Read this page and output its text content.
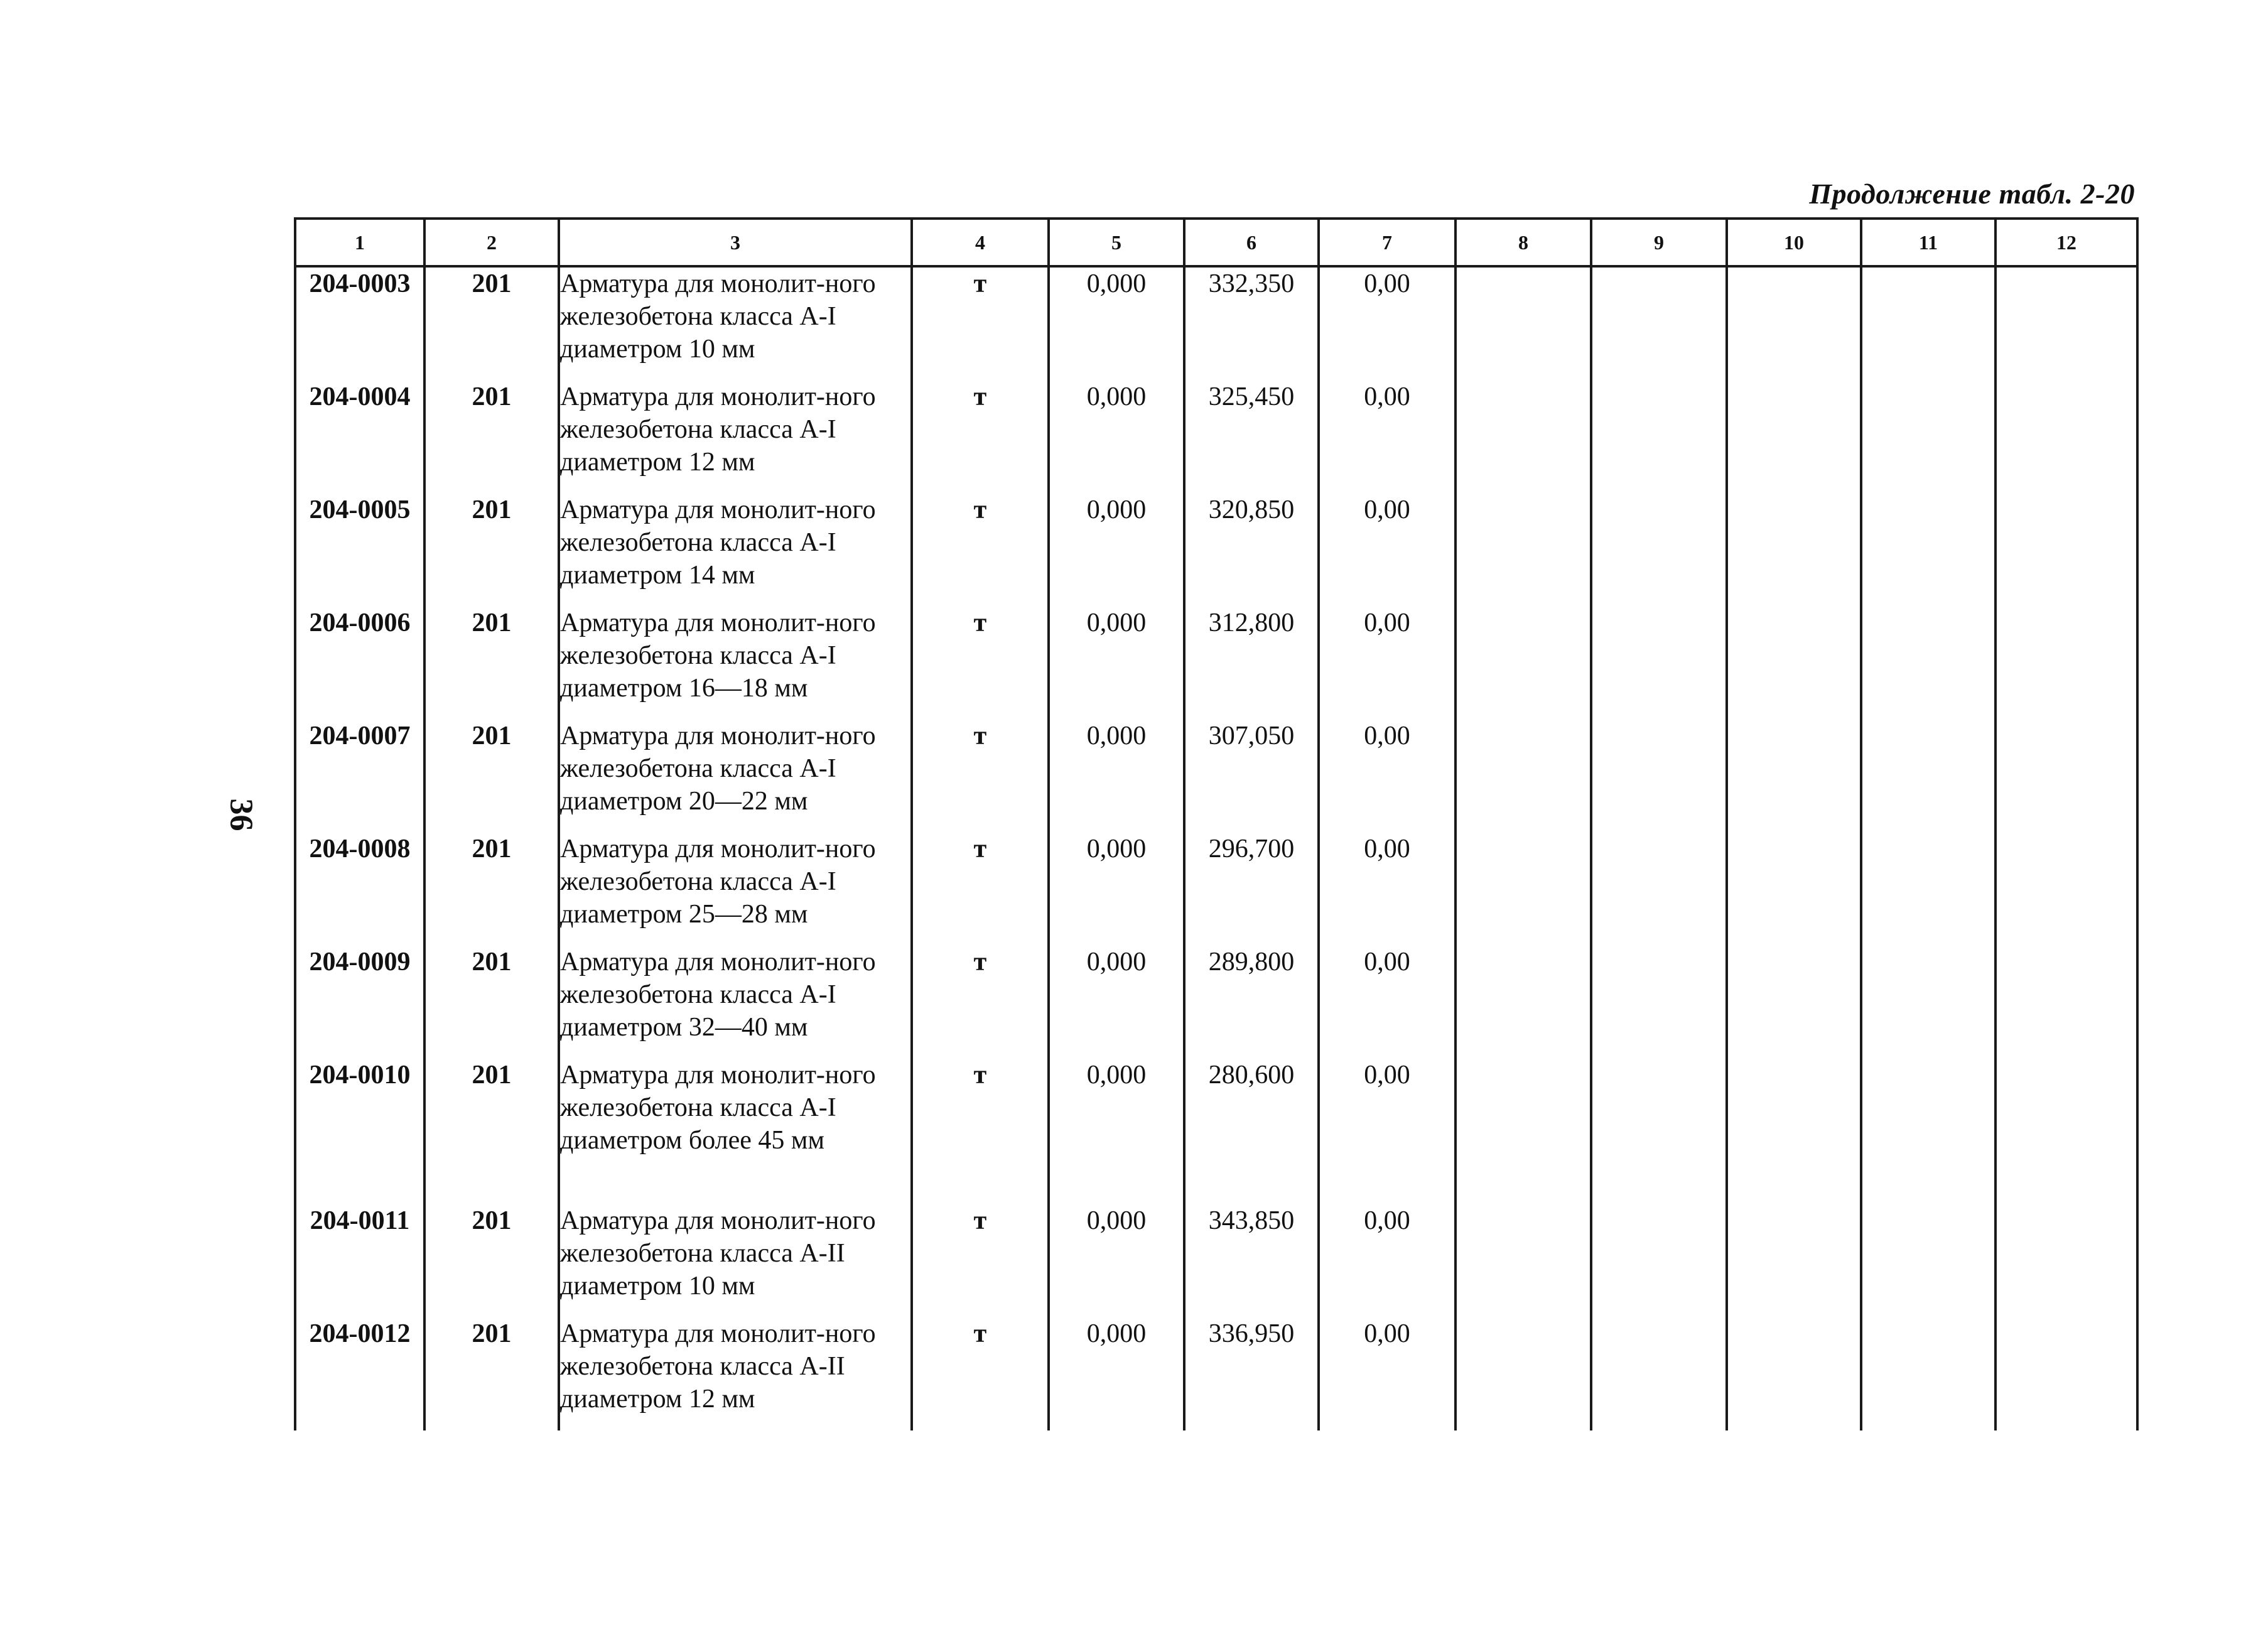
Продолжение табл. 2-20
36
1	2	3	4	5	6	7	8	9	10	11	12
204-0003	201	Арматура для монолит-ного железобетона класса А-I диаметром 10 мм	т	0,000	332,350	0,00					
204-0004	201	Арматура для монолит-ного железобетона класса А-I диаметром 12 мм	т	0,000	325,450	0,00					
204-0005	201	Арматура для монолит-ного железобетона класса А-I диаметром 14 мм	т	0,000	320,850	0,00					
204-0006	201	Арматура для монолит-ного железобетона класса А-I диаметром 16—18 мм	т	0,000	312,800	0,00					
204-0007	201	Арматура для монолит-ного железобетона класса А-I диаметром 20—22 мм	т	0,000	307,050	0,00					
204-0008	201	Арматура для монолит-ного железобетона класса А-I диаметром 25—28 мм	т	0,000	296,700	0,00					
204-0009	201	Арматура для монолит-ного железобетона класса А-I диаметром 32—40 мм	т	0,000	289,800	0,00					
204-0010	201	Арматура для монолит-ного железобетона класса А-I диаметром более 45 мм	т	0,000	280,600	0,00					
204-0011	201	Арматура для монолит-ного железобетона класса А-II диаметром 10 мм	т	0,000	343,850	0,00					
204-0012	201	Арматура для монолит-ного железобетона класса А-II диаметром 12 мм	т	0,000	336,950	0,00					
